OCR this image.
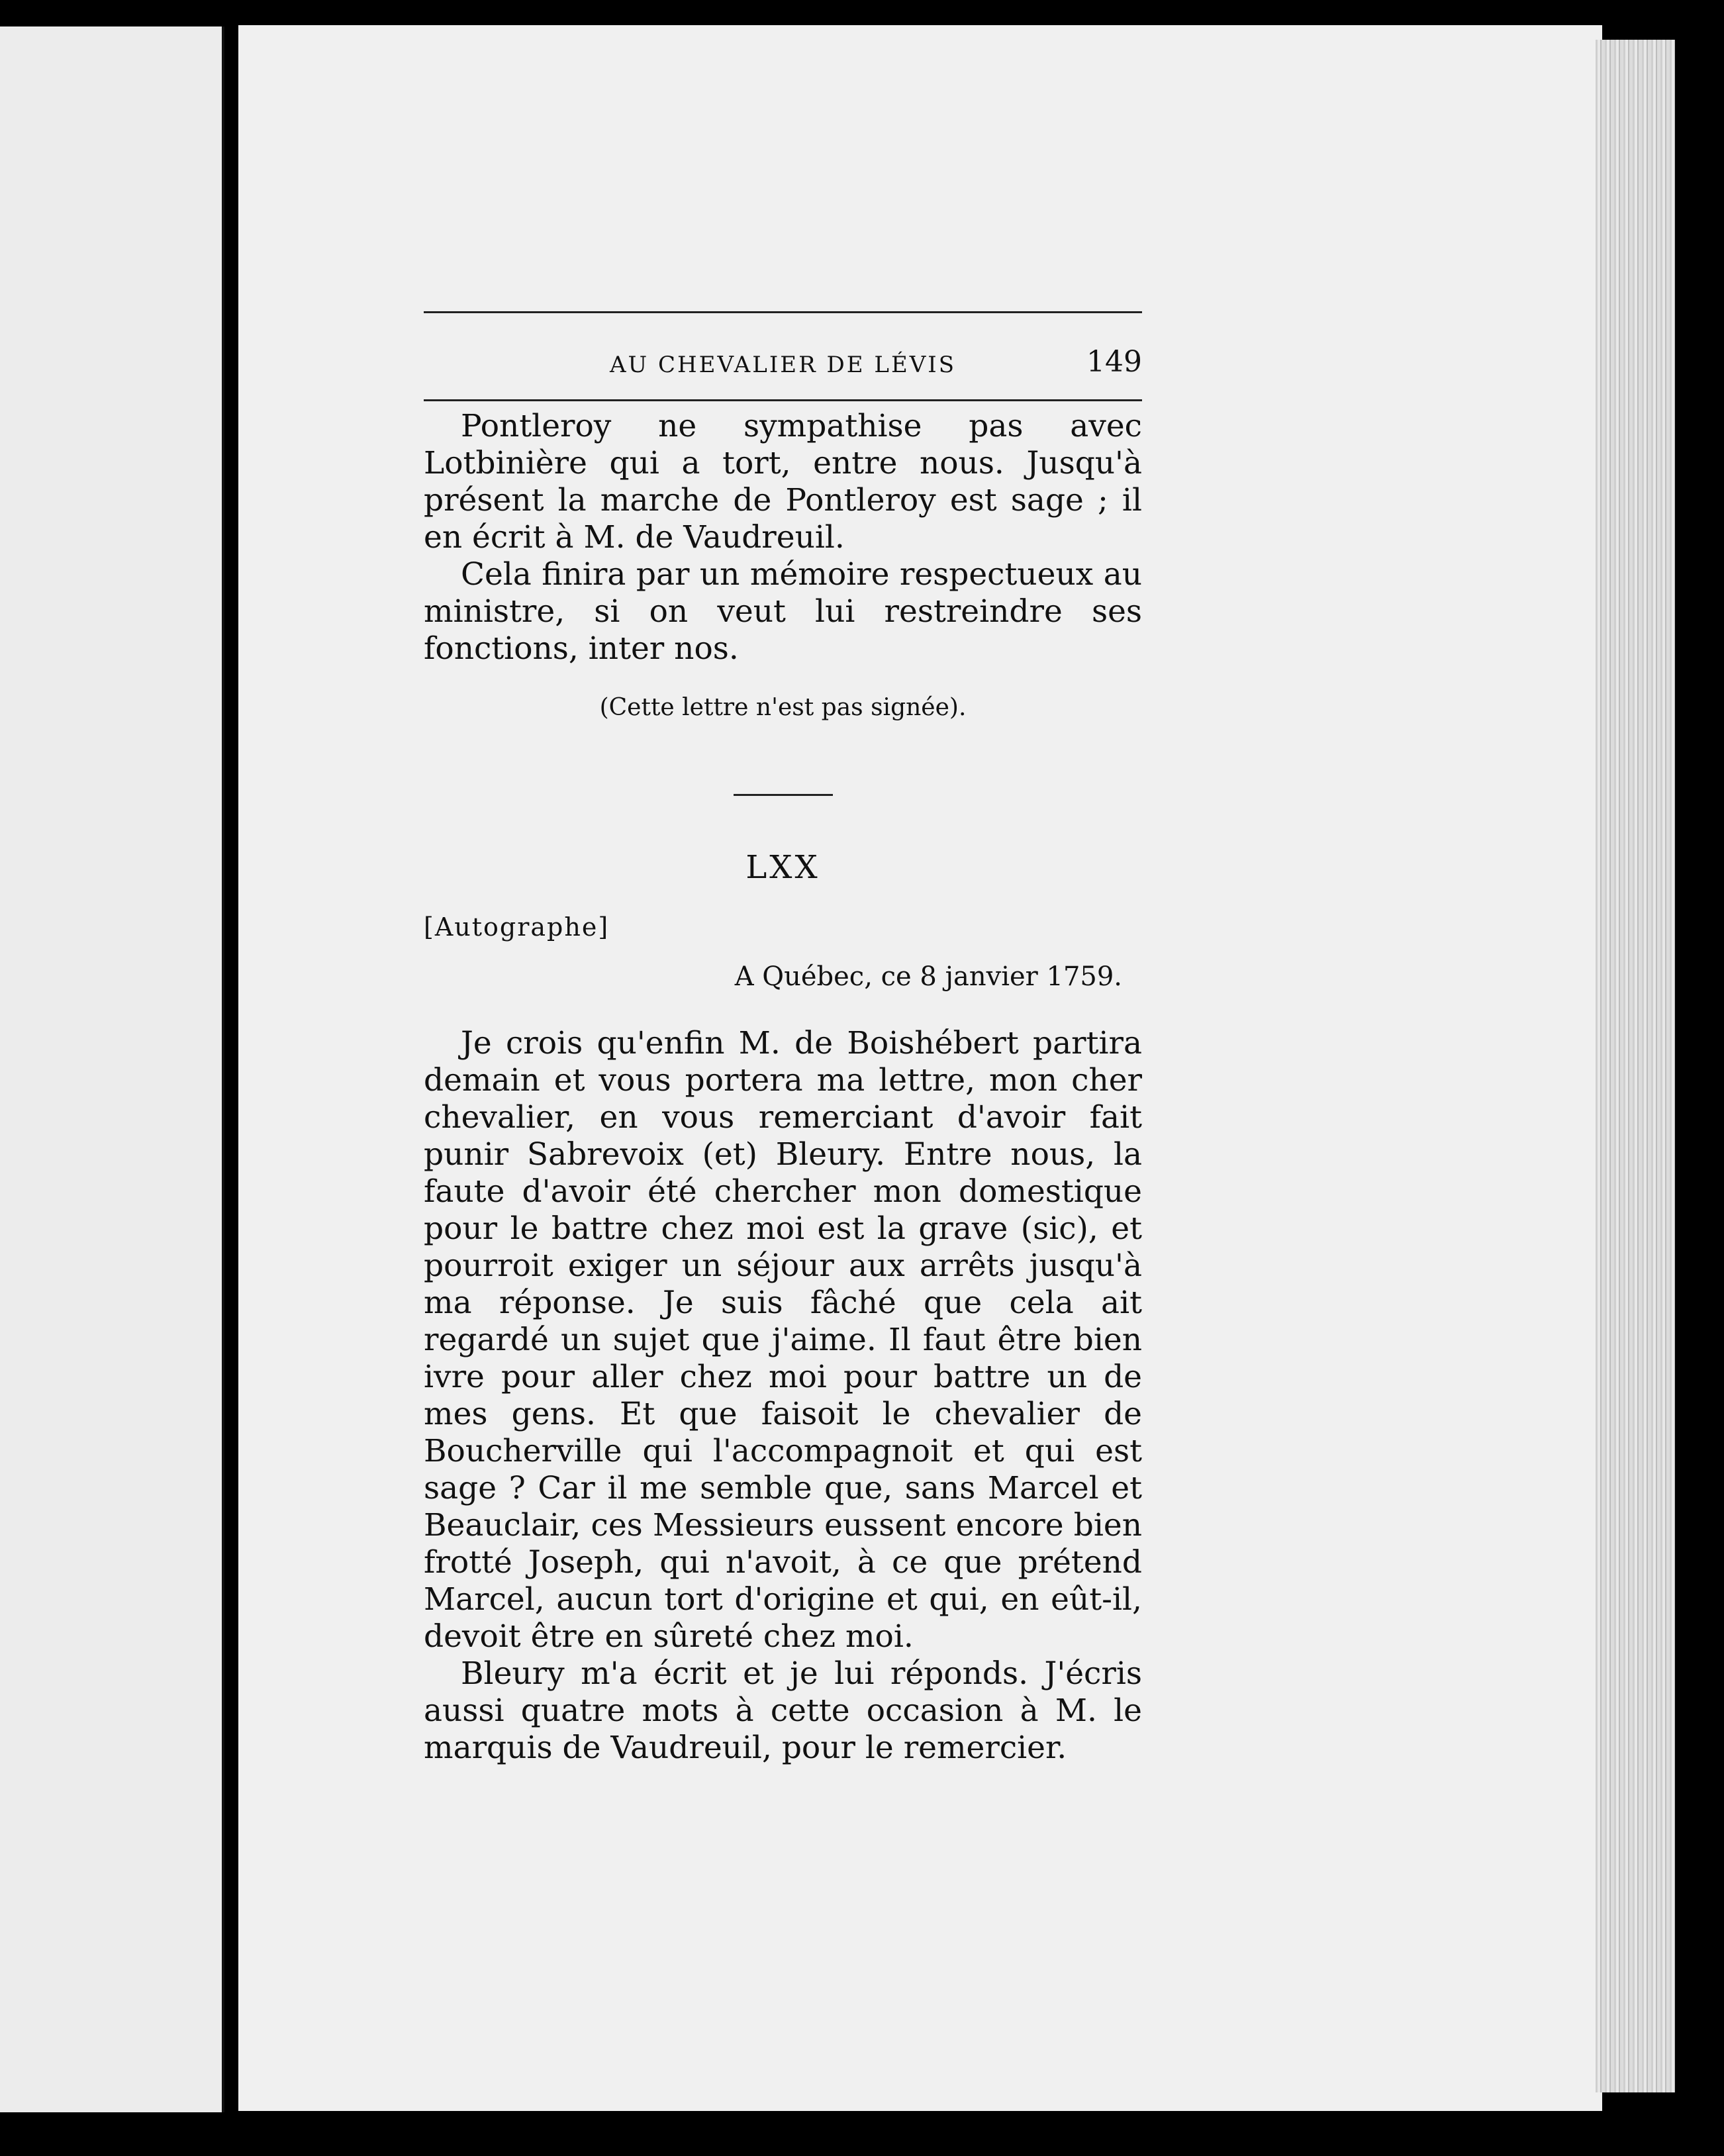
AU CHEVALIER DE LÉVIS	149

Pontleroy ne sympathise pas avec Lotbinière qui a tort, entre nous. Jusqu'à présent la marche de Pontleroy est sage ; il en écrit à M. de Vaudreuil.

Cela finira par un mémoire respectueux au ministre, si on veut lui restreindre ses fonctions, inter nos.

(Cette lettre n'est pas signée).

LXX

[Autographe]

A Québec, ce 8 janvier 1759.

Je crois qu'enfin M. de Boishébert partira demain et vous portera ma lettre, mon cher chevalier, en vous remerciant d'avoir fait punir Sabrevoix (et) Bleury. Entre nous, la faute d'avoir été chercher mon domestique pour le battre chez moi est la grave (sic), et pourroit exiger un séjour aux arrêts jusqu'à ma réponse. Je suis fâché que cela ait regardé un sujet que j'aime. Il faut être bien ivre pour aller chez moi pour battre un de mes gens. Et que faisoit le chevalier de Boucherville qui l'accompagnoit et qui est sage ? Car il me semble que, sans Marcel et Beauclair, ces Messieurs eussent encore bien frotté Joseph, qui n'avoit, à ce que prétend Marcel, aucun tort d'origine et qui, en eût-il, devoit être en sûreté chez moi.

Bleury m'a écrit et je lui réponds. J'écris aussi quatre mots à cette occasion à M. le marquis de Vaudreuil, pour le remercier.
